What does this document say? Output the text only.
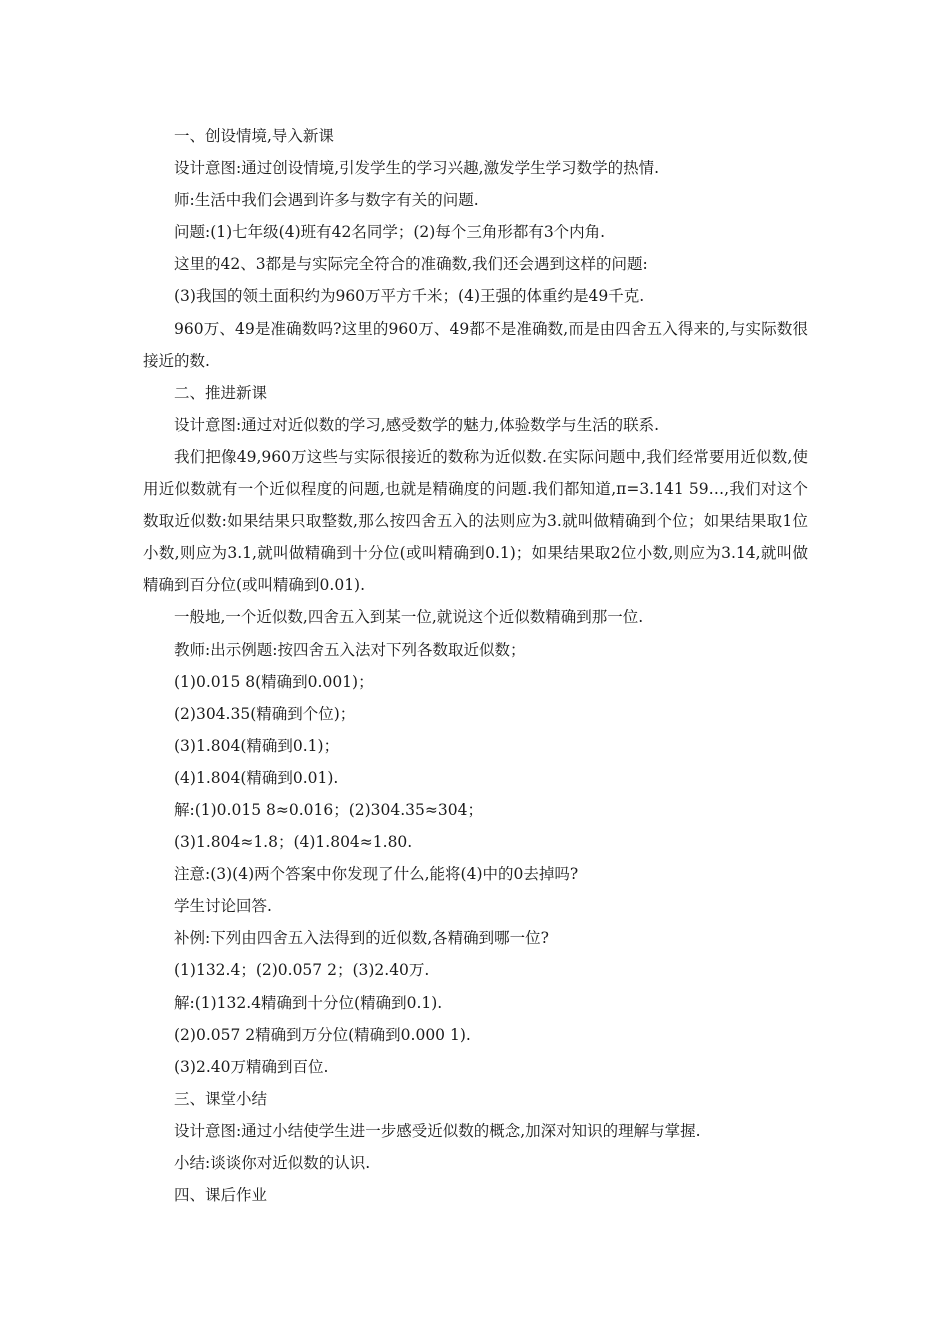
一、创设情境,导入新课

设计意图:通过创设情境,引发学生的学习兴趣,激发学生学习数学的热情.

师:生活中我们会遇到许多与数字有关的问题.

问题:(1)七年级(4)班有42名同学；(2)每个三角形都有3个内角.

这里的42、3都是与实际完全符合的准确数,我们还会遇到这样的问题:

(3)我国的领土面积约为960万平方千米；(4)王强的体重约是49千克.

960万、49是准确数吗?这里的960万、49都不是准确数,而是由四舍五入得来的,与实际数很接近的数.

二、推进新课

设计意图:通过对近似数的学习,感受数学的魅力,体验数学与生活的联系.

我们把像49,960万这些与实际很接近的数称为近似数.在实际问题中,我们经常要用近似数,使用近似数就有一个近似程度的问题,也就是精确度的问题.我们都知道,π=3.141 59…,我们对这个数取近似数:如果结果只取整数,那么按四舍五入的法则应为3.就叫做精确到个位；如果结果取1位小数,则应为3.1,就叫做精确到十分位(或叫精确到0.1)；如果结果取2位小数,则应为3.14,就叫做精确到百分位(或叫精确到0.01).

一般地,一个近似数,四舍五入到某一位,就说这个近似数精确到那一位.

教师:出示例题:按四舍五入法对下列各数取近似数；

(1)0.015 8(精确到0.001)；

(2)304.35(精确到个位)；

(3)1.804(精确到0.1)；

(4)1.804(精确到0.01).

解:(1)0.015 8≈0.016；(2)304.35≈304；

(3)1.804≈1.8；(4)1.804≈1.80.

注意:(3)(4)两个答案中你发现了什么,能将(4)中的0去掉吗?

学生讨论回答.

补例:下列由四舍五入法得到的近似数,各精确到哪一位?

(1)132.4；(2)0.057 2；(3)2.40万.

解:(1)132.4精确到十分位(精确到0.1).

(2)0.057 2精确到万分位(精确到0.000 1).

(3)2.40万精确到百位.

三、课堂小结

设计意图:通过小结使学生进一步感受近似数的概念,加深对知识的理解与掌握.

小结:谈谈你对近似数的认识.

四、课后作业
